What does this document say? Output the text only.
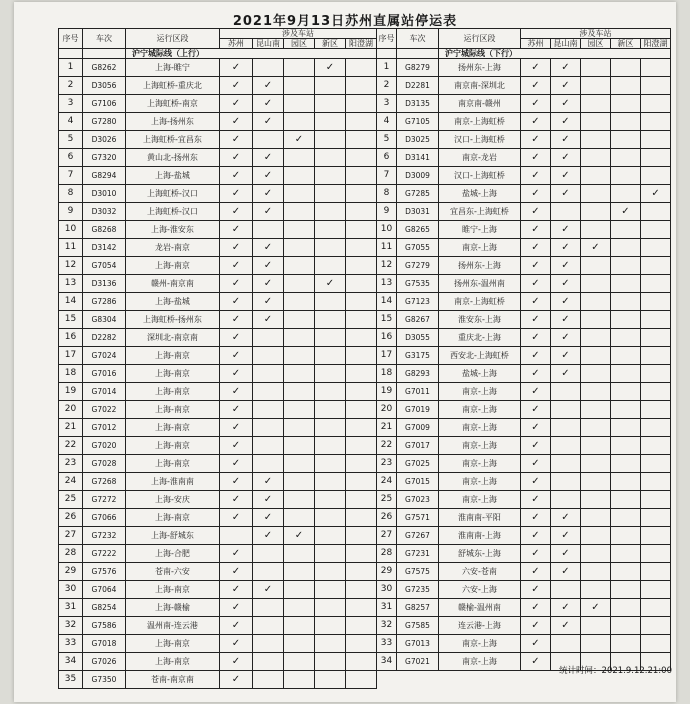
2021年9月13日苏州直属站停运表
序号	车次	运行区段	涉及车站				
			苏州	昆山南	园区	新区	阳澄湖
		沪宁城际线（上行）					
1	G8262	上海-睢宁	✓			✓	
2	D3056	上海虹桥-重庆北	✓	✓			
3	G7106	上海虹桥-南京	✓	✓			
4	G7280	上海-扬州东	✓	✓			
5	D3026	上海虹桥-宜昌东	✓		✓		
6	G7320	黄山北-扬州东	✓	✓			
7	G8294	上海-盐城	✓	✓			
8	D3010	上海虹桥-汉口	✓	✓			
9	D3032	上海虹桥-汉口	✓	✓			
10	G8268	上海-淮安东	✓				
11	D3142	龙岩-南京	✓	✓			
12	G7054	上海-南京	✓	✓			
13	D3136	赣州-南京南	✓	✓		✓	
14	G7286	上海-盐城	✓	✓			
15	G8304	上海虹桥-扬州东	✓	✓			
16	D2282	深圳北-南京南	✓				
17	G7024	上海-南京	✓				
18	G7016	上海-南京	✓				
19	G7014	上海-南京	✓				
20	G7022	上海-南京	✓				
21	G7012	上海-南京	✓				
22	G7020	上海-南京	✓				
23	G7028	上海-南京	✓				
24	G7268	上海-淮南南	✓	✓			
25	G7272	上海-安庆	✓	✓			
26	G7066	上海-南京	✓	✓			
27	G7232	上海-舒城东		✓	✓		
28	G7222	上海-合肥	✓				
29	G7576	苍南-六安	✓				
30	G7064	上海-南京	✓	✓			
31	G8254	上海-赣榆	✓				
32	G7586	温州南-连云港	✓				
33	G7018	上海-南京	✓				
34	G7026	上海-南京	✓				
35	G7350	苍南-南京南	✓				
序号	车次	运行区段	涉及车站				
			苏州	昆山南	园区	新区	阳澄湖
		沪宁城际线（下行）					
1	G8279	扬州东-上海	✓	✓			
2	D2281	南京南-深圳北	✓	✓			
3	D3135	南京南-赣州	✓	✓			
4	G7105	南京-上海虹桥	✓	✓			
5	D3025	汉口-上海虹桥	✓	✓			
6	D3141	南京-龙岩	✓	✓			
7	D3009	汉口-上海虹桥	✓	✓			
8	G7285	盐城-上海	✓	✓			✓
9	D3031	宜昌东-上海虹桥	✓			✓	
10	G8265	睢宁-上海	✓	✓			
11	G7055	南京-上海	✓	✓	✓		
12	G7279	扬州东-上海	✓	✓			
13	G7535	扬州东-温州南	✓	✓			
14	G7123	南京-上海虹桥	✓	✓			
15	G8267	淮安东-上海	✓	✓			
16	D3055	重庆北-上海	✓	✓			
17	G3175	西安北-上海虹桥	✓	✓			
18	G8293	盐城-上海	✓	✓			
19	G7011	南京-上海	✓				
20	G7019	南京-上海	✓				
21	G7009	南京-上海	✓				
22	G7017	南京-上海	✓				
23	G7025	南京-上海	✓				
24	G7015	南京-上海	✓				
25	G7023	南京-上海	✓				
26	G7571	淮南南-平阳	✓	✓			
27	G7267	淮南南-上海	✓	✓			
28	G7231	舒城东-上海	✓	✓			
29	G7575	六安-苍南	✓	✓			
30	G7235	六安-上海	✓				
31	G8257	赣榆-温州南	✓	✓	✓		
32	G7585	连云港-上海	✓	✓			
33	G7013	南京-上海	✓				
34	G7021	南京-上海	✓				
统计时间：2021.9.12.21:00
